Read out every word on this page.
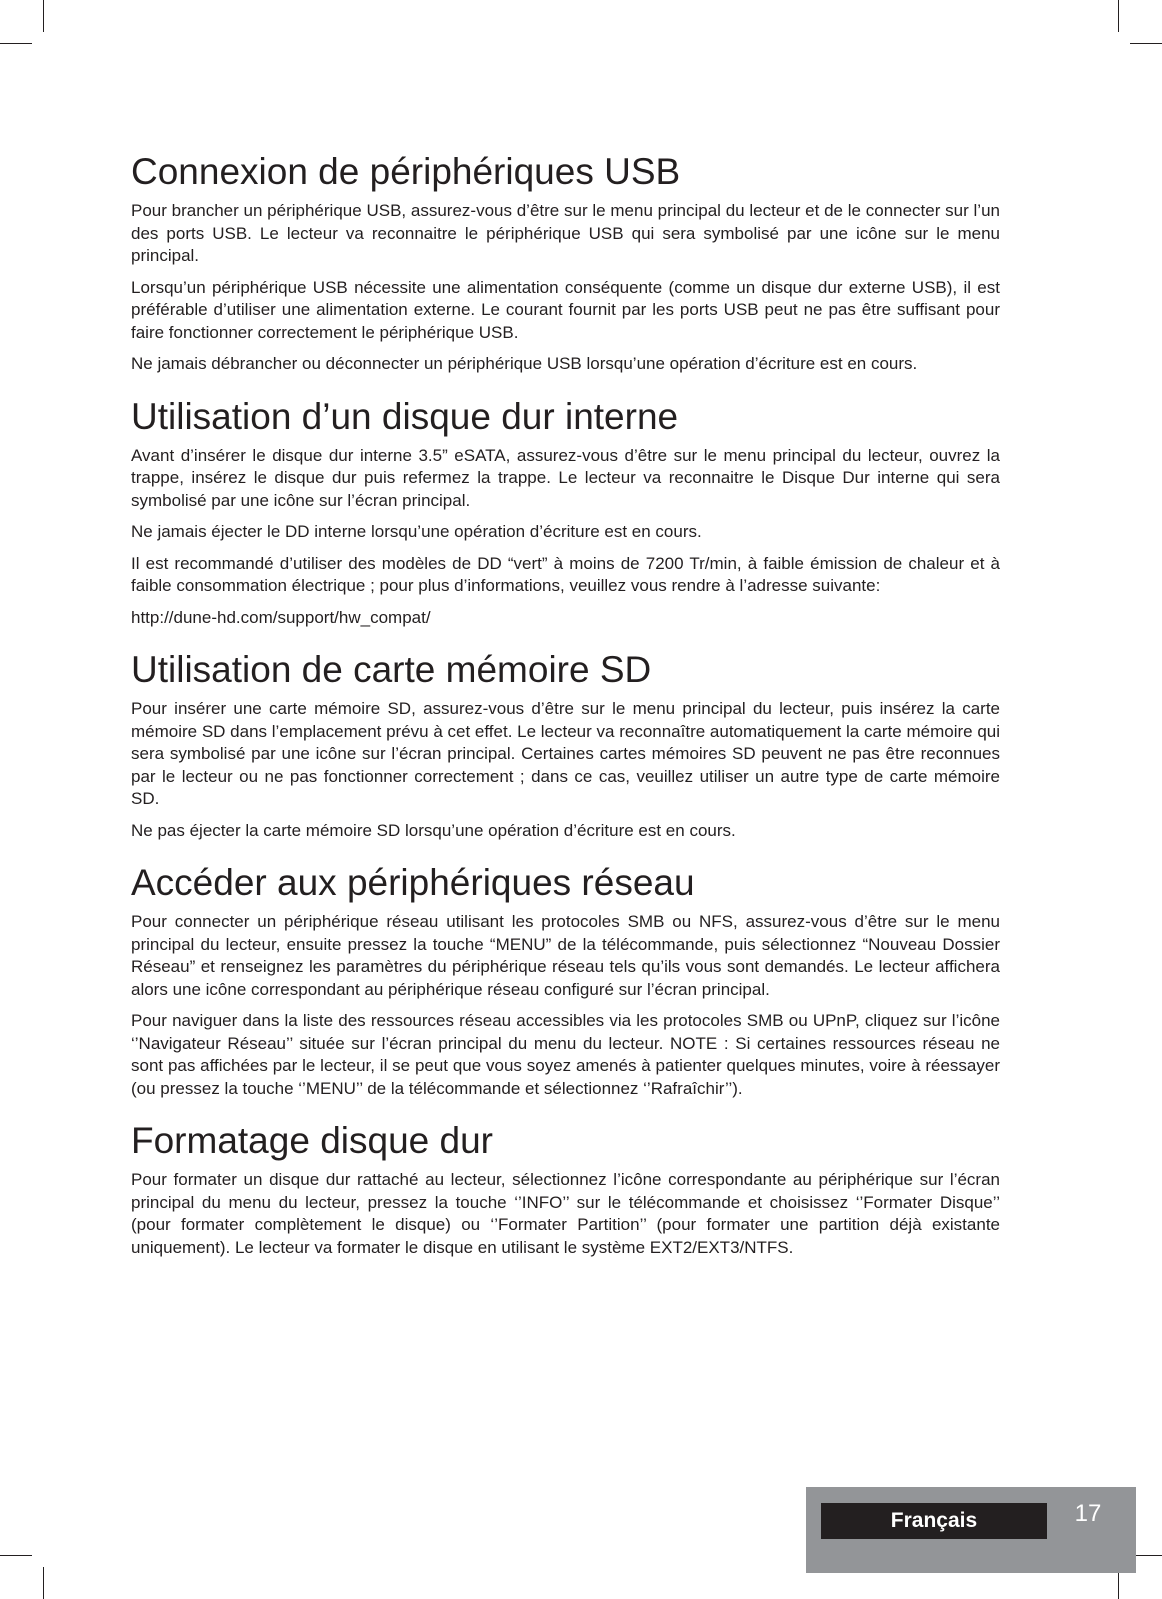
Connexion de périphériques USB

Pour brancher un périphérique USB, assurez-vous d’être sur le menu principal du lecteur et de le connecter sur l’un des ports USB. Le lecteur va reconnaitre le périphérique USB qui sera symbolisé par une icône sur le menu principal.

Lorsqu’un périphérique USB nécessite une alimentation conséquente (comme un disque dur externe USB), il est préférable d’utiliser une alimentation externe. Le courant fournit par les ports USB peut ne pas être suffisant pour faire fonctionner correctement le périphérique USB.

Ne jamais débrancher ou déconnecter un périphérique USB lorsqu’une opération d’écriture est en cours.

Utilisation d’un disque dur interne

Avant d’insérer le disque dur interne 3.5” eSATA, assurez-vous d’être sur le menu principal du lecteur, ouvrez la trappe, insérez le disque dur puis refermez la trappe. Le lecteur va reconnaitre le Disque Dur interne qui sera symbolisé par une icône sur l’écran principal.

Ne jamais éjecter le DD interne lorsqu’une opération d’écriture est en cours.

Il est recommandé d’utiliser des modèles de DD “vert” à moins de 7200 Tr/min, à faible émission de chaleur et à faible consommation électrique ; pour plus d’informations, veuillez vous rendre à l’adresse suivante:

http://dune-hd.com/support/hw_compat/

Utilisation de carte mémoire SD

Pour insérer une carte mémoire SD, assurez-vous d’être sur le menu principal du lecteur, puis insérez la carte mémoire SD dans l’emplacement prévu à cet effet. Le lecteur va reconnaître automatiquement la carte mémoire qui sera symbolisé par une icône sur l’écran principal. Certaines cartes mémoires SD peuvent ne pas être reconnues par le lecteur ou ne pas fonctionner correctement ; dans ce cas, veuillez utiliser un autre type de carte mémoire SD.

Ne pas éjecter la carte mémoire SD lorsqu’une opération d’écriture est en cours.

Accéder aux périphériques réseau

Pour connecter un périphérique réseau utilisant les protocoles SMB ou NFS, assurez-vous d’être sur le menu principal du lecteur, ensuite pressez la touche “MENU” de la télécommande, puis sélectionnez “Nouveau Dossier Réseau” et renseignez les paramètres du périphérique réseau tels qu’ils vous sont demandés. Le lecteur affichera alors une icône correspondant au périphérique réseau configuré sur l’écran principal.

Pour naviguer dans la liste des ressources réseau accessibles via les protocoles SMB ou UPnP, cliquez sur l’icône ‘’Navigateur Réseau’’ située sur l’écran principal du menu du lecteur. NOTE : Si certaines ressources réseau ne sont pas affichées par le lecteur, il se peut que vous soyez amenés à patienter quelques minutes, voire à réessayer (ou pressez la touche ‘’MENU’’ de la télécommande et sélectionnez ‘’Rafraîchir’’).

Formatage disque dur

Pour formater un disque dur rattaché au lecteur, sélectionnez l’icône correspondante au périphérique sur l’écran principal du menu du lecteur, pressez la touche ‘’INFO’’ sur le télécommande et choisissez ‘’Formater Disque’’ (pour formater complètement le disque) ou ‘’Formater Partition’’ (pour formater une partition déjà existante uniquement). Le lecteur va formater le disque en utilisant le système EXT2/EXT3/NTFS.

Français	17
